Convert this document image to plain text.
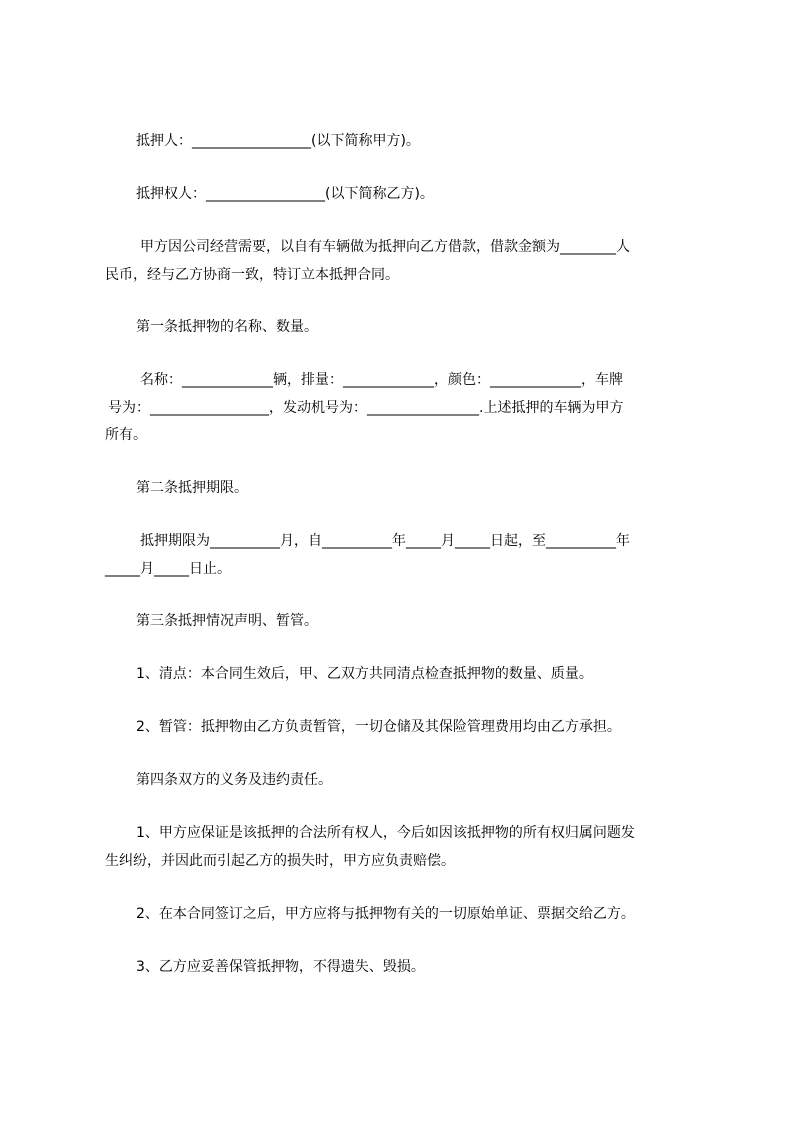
抵押人：_________________(以下简称甲方)。
抵押权人：_________________(以下简称乙方)。
甲方因公司经营需要，以自有车辆做为抵押向乙方借款，借款金额为________人
民币，经与乙方协商一致，特订立本抵押合同。
第一条抵押物的名称、数量。
名称：_____________辆，排量：_____________，颜色：_____________，车牌
号为：_________________，发动机号为：________________.上述抵押的车辆为甲方
所有。
第二条抵押期限。
抵押期限为__________月，自__________年_____月_____日起，至__________年
_____月_____日止。
第三条抵押情况声明、暂管。
1、清点：本合同生效后，甲、乙双方共同清点检查抵押物的数量、质量。
2、暂管：抵押物由乙方负责暂管，一切仓储及其保险管理费用均由乙方承担。
第四条双方的义务及违约责任。
1、甲方应保证是该抵押的合法所有权人，今后如因该抵押物的所有权归属问题发
生纠纷，并因此而引起乙方的损失时，甲方应负责赔偿。
2、在本合同签订之后，甲方应将与抵押物有关的一切原始单证、票据交给乙方。
3、乙方应妥善保管抵押物，不得遗失、毁损。
